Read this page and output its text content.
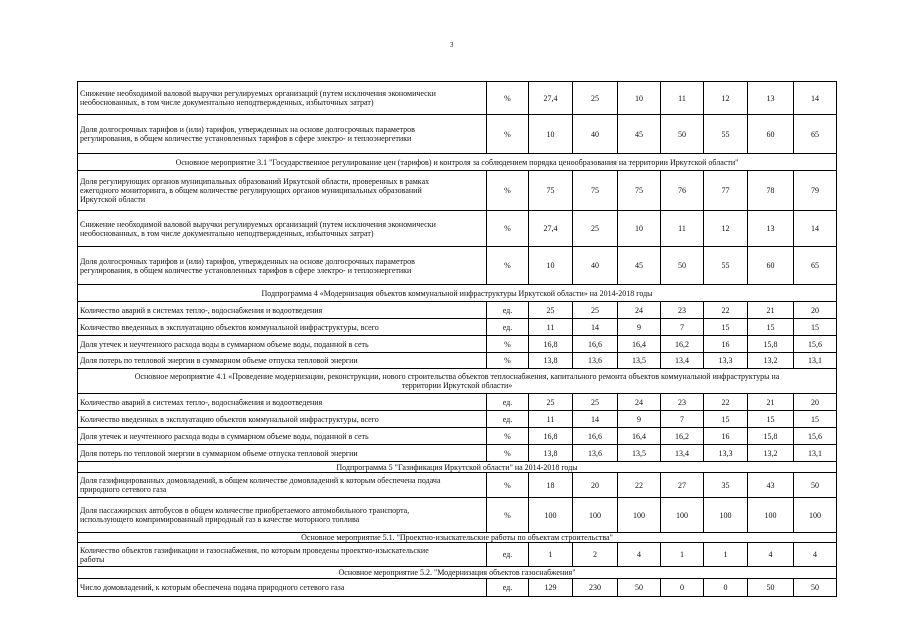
3
Снижение необходимой валовой выручки регулируемых организаций (путем исключения экономически
необоснованных, в том числе документально неподтвержденных, избыточных затрат)	%	27,4	25	10	11	12	13	14
Доля долгосрочных тарифов и (или) тарифов, утвержденных на основе долгосрочных параметров
регулирования, в общем количестве установленных тарифов в сфере электро- и теплоэнергетики	%	10	40	45	50	55	60	65
Основное мероприятие 3.1 "Государственное регулирование цен (тарифов) и контроля за соблюдением порядка ценообразования на территории Иркутской области"								
Доля регулирующих органов муниципальных образований Иркутской области, проверенных в рамках
ежегодного мониторинга, в общем количестве регулирующих органов муниципальных образований
Иркутской области	%	75	75	75	76	77	78	79
Снижение необходимой валовой выручки регулируемых организаций (путем исключения экономически
необоснованных, в том числе документально неподтвержденных, избыточных затрат)	%	27,4	25	10	11	12	13	14
Доля долгосрочных тарифов и (или) тарифов, утвержденных на основе долгосрочных параметров
регулирования, в общем количестве установленных тарифов в сфере электро- и теплоэнергетики	%	10	40	45	50	55	60	65
Подпрограмма 4 «Модернизация объектов коммунальной инфраструктуры Иркутской области» на 2014-2018 годы								
Количество аварий в системах тепло-, водоснабжения и водоотведения	ед.	25	25	24	23	22	21	20
Количество введенных в эксплуатацию объектов коммунальной инфраструктуры, всего	ед.	11	14	9	7	15	15	15
Доля утечек и неучтенного расхода воды в суммарном объеме воды, поданной в сеть	%	16,8	16,6	16,4	16,2	16	15,8	15,6
Доля потерь по тепловой энергии в суммарном объеме отпуска тепловой энергии	%	13,8	13,6	13,5	13,4	13,3	13,2	13,1
Основное мероприятие 4.1 «Проведение модернизации, реконструкции, нового строительства объектов теплоснабжения, капитального ремонта объектов коммунальной инфраструктуры на
территории Иркутской области»								
Количество аварий в системах тепло-, водоснабжения и водоотведения	ед.	25	25	24	23	22	21	20
Количество введенных в эксплуатацию объектов коммунальной инфраструктуры, всего	ед.	11	14	9	7	15	15	15
Доля утечек и неучтенного расхода воды в суммарном объеме воды, поданной в сеть	%	16,8	16,6	16,4	16,2	16	15,8	15,6
Доля потерь по тепловой энергии в суммарном объеме отпуска тепловой энергии	%	13,8	13,6	13,5	13,4	13,3	13,2	13,1
Подпрограмма 5 "Газификация Иркутской области" на 2014-2018 годы								
Доля газифицированных домовладений, в общем количестве домовладений к которым обеспечена подача
природного сетевого газа	%	18	20	22	27	35	43	50
Доля пассажирских автобусов в общем количестве приобретаемого автомобильного транспорта,
использующего компримированный природный газ в качестве моторного топлива	%	100	100	100	100	100	100	100
Основное мероприятие 5.1. "Проектно-изыскательские работы по объектам строительства"								
Количество объектов газификации и газоснабжения, по которым проведены проектно-изыскательские
работы	ед.	1	2	4	1	1	4	4
Основное мероприятие 5.2. "Модернизация объектов газоснабжения"								
Число домовладений, к которым обеспечена подача природного сетевого газа	ед.	129	230	50	0	0	50	50
